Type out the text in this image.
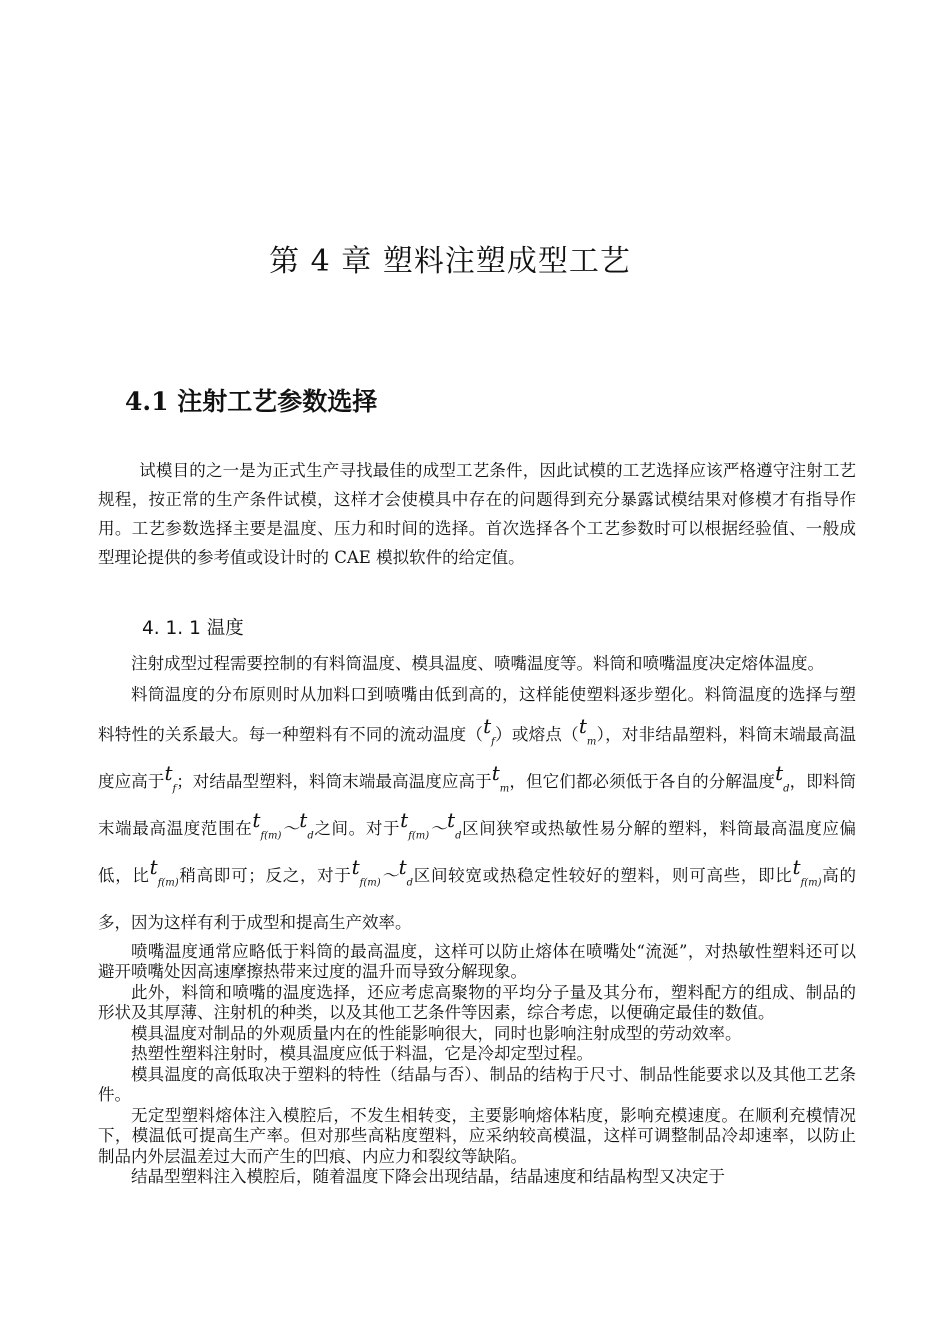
第 4 章 塑料注塑成型工艺
4.1 注射工艺参数选择

试模目的之一是为正式生产寻找最佳的成型工艺条件，因此试模的工艺选择应该严格遵守注射工艺规程，按正常的生产条件试模，这样才会使模具中存在的问题得到充分暴露试模结果对修模才有指导作用。工艺参数选择主要是温度、压力和时间的选择。首次选择各个工艺参数时可以根据经验值、一般成型理论提供的参考值或设计时的 CAE 模拟软件的给定值。

4. 1. 1 温度

注射成型过程需要控制的有料筒温度、模具温度、喷嘴温度等。料筒和喷嘴温度决定熔体温度。

料筒温度的分布原则时从加料口到喷嘴由低到高的，这样能使塑料逐步塑化。料筒温度的选择与塑料特性的关系最大。每一种塑料有不同的流动温度$(t_f)$或熔点$(t_m)$，对非结晶塑料，料筒末端最高温度应高于$t_f$；对结晶型塑料，料筒末端最高温度应高于$t_m$，但它们都必须低于各自的分解温度$t_d$，即料筒末端最高温度范围在$t_{f(m)}\sim t_d$之间。对于$t_{f(m)}\sim t_d$区间狭窄或热敏性易分解的塑料，料筒最高温度应偏低，比$t_{f(m)}$稍高即可；反之，对于$t_{f(m)}\sim t_d$区间较宽或热稳定性较好的塑料，则可高些，即比$t_{f(m)}$高的多，因为这样有利于成型和提高生产效率。

喷嘴温度通常应略低于料筒的最高温度，这样可以防止熔体在喷嘴处“流涎”，对热敏性塑料还可以避开喷嘴处因高速摩擦热带来过度的温升而导致分解现象。

此外，料筒和喷嘴的温度选择，还应考虑高聚物的平均分子量及其分布，塑料配方的组成、制品的形状及其厚薄、注射机的种类，以及其他工艺条件等因素，综合考虑，以便确定最佳的数值。

模具温度对制品的外观质量内在的性能影响很大，同时也影响注射成型的劳动效率。

热塑性塑料注射时，模具温度应低于料温，它是冷却定型过程。

模具温度的高低取决于塑料的特性（结晶与否）、制品的结构于尺寸、制品性能要求以及其他工艺条件。

无定型塑料熔体注入模腔后，不发生相转变，主要影响熔体粘度，影响充模速度。在顺利充模情况下，模温低可提高生产率。但对那些高粘度塑料，应采纳较高模温，这样可调整制品冷却速率，以防止制品内外层温差过大而产生的凹痕、内应力和裂纹等缺陷。

结晶型塑料注入模腔后，随着温度下降会出现结晶，结晶速度和结晶构型又决定于
